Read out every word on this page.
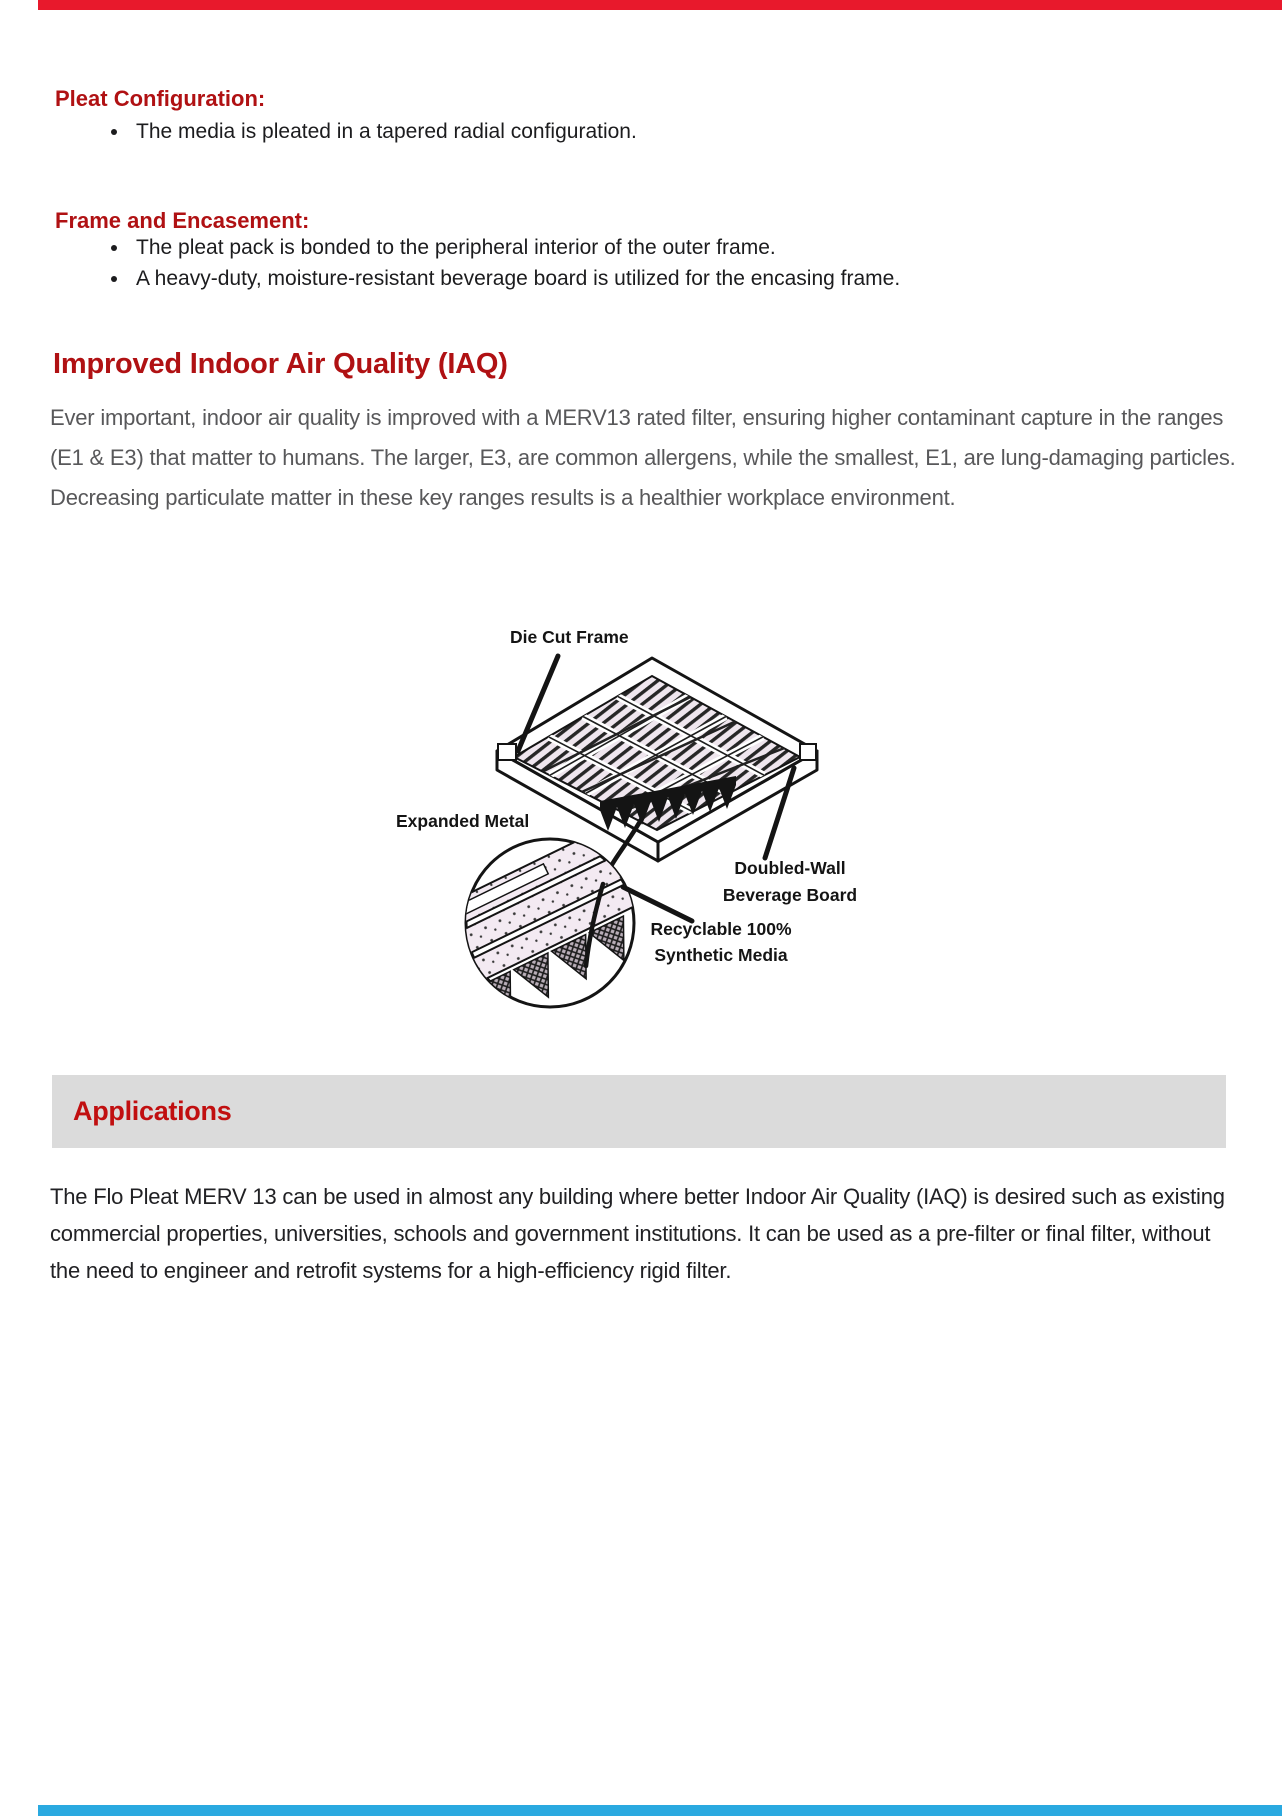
Pleat Configuration:
• The media is pleated in a tapered radial configuration.
Frame and Encasement:
• The pleat pack is bonded to the peripheral interior of the outer frame.
• A heavy-duty, moisture-resistant beverage board is utilized for the encasing frame.
Improved Indoor Air Quality (IAQ)

Ever important, indoor air quality is improved with a MERV13 rated filter, ensuring higher contaminant capture in the ranges (E1 & E3) that matter to humans. The larger, E3, are common allergens, while the smallest, E1, are lung-damaging particles. Decreasing particulate matter in these key ranges results is a healthier workplace environment.

Die Cut Frame
Expanded Metal
Doubled-Wall
Beverage Board
Recyclable 100%
Synthetic Media
Applications

The Flo Pleat MERV 13 can be used in almost any building where better Indoor Air Quality (IAQ) is desired such as existing commercial properties, universities, schools and government institutions. It can be used as a pre-filter or final filter, without the need to engineer and retrofit systems for a high-efficiency rigid filter.
